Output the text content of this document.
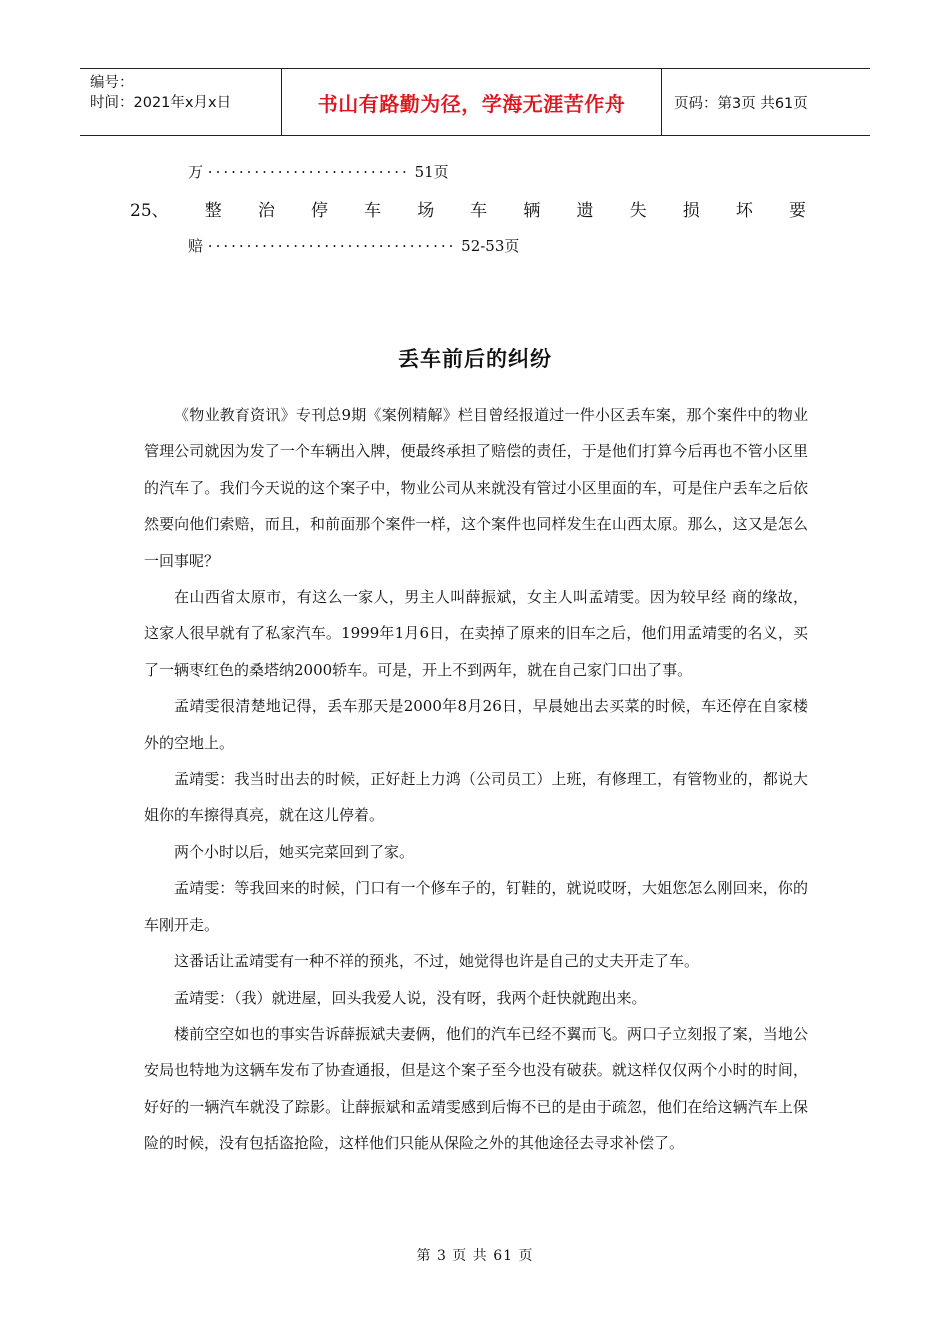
编号：
时间：2021年x月x日	书山有路勤为径，学海无涯苦作舟	页码：第3页 共61页
万 ·························· 51页
25、 整 治 停 车 场 车 辆 遗 失 损 坏 要
赔 ································ 52-53页
丢车前后的纠纷

《物业教育资讯》专刊总9期《案例精解》栏目曾经报道过一件小区丢车案，那个案件中的物业管理公司就因为发了一个车辆出入牌，便最终承担了赔偿的责任，于是他们打算今后再也不管小区里的汽车了。我们今天说的这个案子中，物业公司从来就没有管过小区里面的车，可是住户丢车之后依然要向他们索赔，而且，和前面那个案件一样，这个案件也同样发生在山西太原。那么，这又是怎么一回事呢？

在山西省太原市，有这么一家人，男主人叫薛振斌，女主人叫孟靖雯。因为较早经 商的缘故，这家人很早就有了私家汽车。1999年1月6日，在卖掉了原来的旧车之后，他们用孟靖雯的名义，买了一辆枣红色的桑塔纳2000轿车。可是，开上不到两年，就在自己家门口出了事。

孟靖雯很清楚地记得，丢车那天是2000年8月26日，早晨她出去买菜的时候，车还停在自家楼外的空地上。

孟靖雯：我当时出去的时候，正好赶上力鸿（公司员工）上班，有修理工，有管物业的，都说大姐你的车擦得真亮，就在这儿停着。

两个小时以后，她买完菜回到了家。

孟靖雯：等我回来的时候，门口有一个修车子的，钉鞋的，就说哎呀，大姐您怎么刚回来，你的车刚开走。

这番话让孟靖雯有一种不祥的预兆，不过，她觉得也许是自己的丈夫开走了车。

孟靖雯：（我）就进屋，回头我爱人说，没有呀，我两个赶快就跑出来。

楼前空空如也的事实告诉薛振斌夫妻俩，他们的汽车已经不翼而飞。两口子立刻报了案，当地公安局也特地为这辆车发布了协查通报，但是这个案子至今也没有破获。就这样仅仅两个小时的时间，好好的一辆汽车就没了踪影。让薛振斌和孟靖雯感到后悔不已的是由于疏忽，他们在给这辆汽车上保险的时候，没有包括盗抢险，这样他们只能从保险之外的其他途径去寻求补偿了。

第 3 页 共 61 页
